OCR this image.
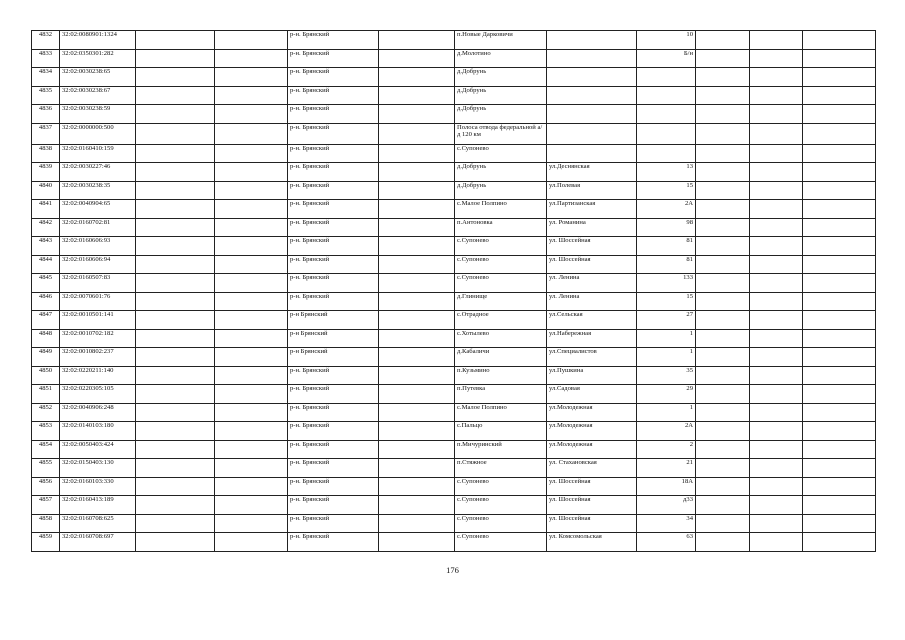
4832	32:02:0080901:1324			р-н. Брянский		п.Новые Дарковичи		10			
4833	32:02:0350301:282			р-н. Брянский		д.Молотино		Б/н			
4834	32:02:0030238:65			р-н. Брянский		д.Добрунь					
4835	32:02:0030238:67			р-н. Брянский		д.Добрунь					
4836	32:02:0030238:59			р-н. Брянский		д.Добрунь					
4837	32:02:0000000:500			р-н. Брянский		Полоса отвода федеральной а/д 120 км					
4838	32:02:0160410:159			р-н. Брянский		с.Супонево					
4839	32:02:0030227:46			р-н. Брянский		д.Добрунь	ул.Деснянская	13			
4840	32:02:0030238:35			р-н. Брянский		д.Добрунь	ул.Полевая	15			
4841	32:02:0040904:65			р-н. Брянский		с.Малое Полпино	ул.Партизанская	2А			
4842	32:02:0160702:81			р-н. Брянский		п.Антоновка	ул. Романина	98			
4843	32:02:0160606:93			р-н. Брянский		с.Супонево	ул. Шоссейная	81			
4844	32:02:0160606:94			р-н. Брянский		с.Супонево	ул. Шоссейная	81			
4845	32:02:0160507:83			р-н. Брянский		с.Супонево	ул. Ленина	133			
4846	32:02:0070601:76			р-н. Брянский		д.Глинище	ул. Ленина	15			
4847	32:02:0010501:141			р-н Брянский		с.Отрадное	ул.Сельская	27			
4848	32:02:0010702:182			р-н Брянский		с.Хотылево	ул.Набережная	1			
4849	32:02:0010802:237			р-н Брянский		д.Кабаличи	ул.Специалистов	1			
4850	32:02:0220211:140			р-н. Брянский		п.Кузьмино	ул.Пушкина	35			
4851	32:02:0220305:105			р-н. Брянский		п.Путевка	ул.Садовая	29			
4852	32:02:0040906:248			р-н. Брянский		с.Малое Полпино	ул.Молодежная	1			
4853	32:02:0140103:180			р-н. Брянский		с.Пальцо	ул.Молодежная	2А			
4854	32:02:0050403:424			р-н. Брянский		п.Мичуринский	ул.Молодежная	2			
4855	32:02:0150403:130			р-н. Брянский		п.Стяжное	ул. Стахановская	21			
4856	32:02:0160103:330			р-н. Брянский		с.Супонево	ул. Шоссейная	18А			
4857	32:02:0160413:189			р-н. Брянский		с.Супонево	ул. Шоссейная	д33			
4858	32:02:0160708:625			р-н. Брянский		с.Супонево	ул. Шоссейная	34			
4859	32:02:0160708:697			р-н. Брянский		с.Супонево	ул. Комсомольская	63			
176
